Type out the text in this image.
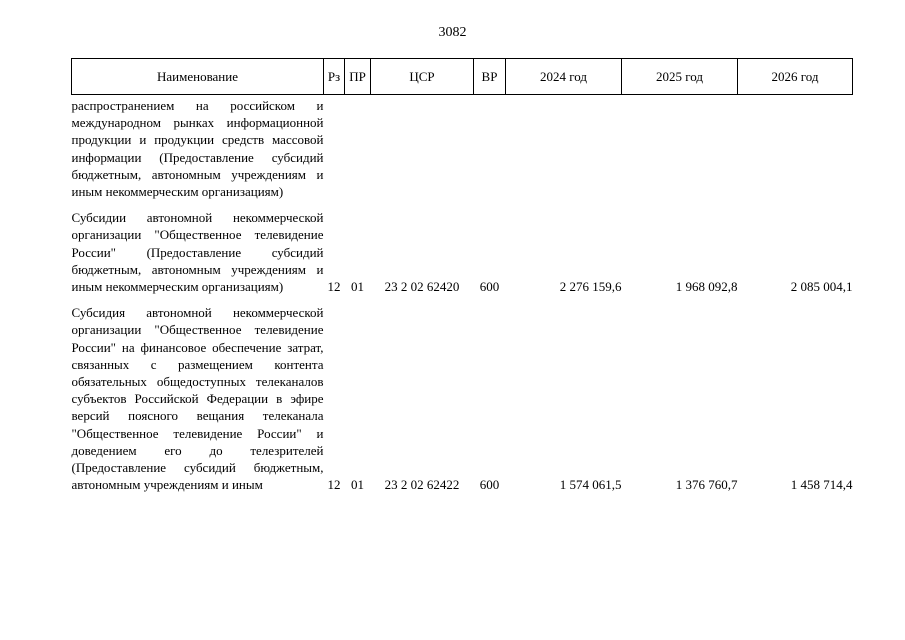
3082
Наименование	Рз	ПР	ЦСР	ВР	2024 год	2025 год	2026 год
распространением на российском и международном рынках информационной продукции и продукции средств массовой информации (Предоставление субсидий бюджетным, автономным учреждениям и иным некоммерческим организациям)							

Субсидии автономной некоммерческой организации "Общественное телевидение России" (Предоставление субсидий бюджетным, автономным учреждениям и иным некоммерческим организациям)	12	01	23 2 02 62420	600	2 276 159,6	1 968 092,8	2 085 004,1

Субсидия автономной некоммерческой организации "Общественное телевидение России" на финансовое обеспечение затрат, связанных с размещением контента обязательных общедоступных телеканалов субъектов Российской Федерации в эфире версий поясного вещания телеканала "Общественное телевидение России" и доведением его до телезрителей (Предоставление субсидий бюджетным, автономным учреждениям и иным	12	01	23 2 02 62422	600	1 574 061,5	1 376 760,7	1 458 714,4
